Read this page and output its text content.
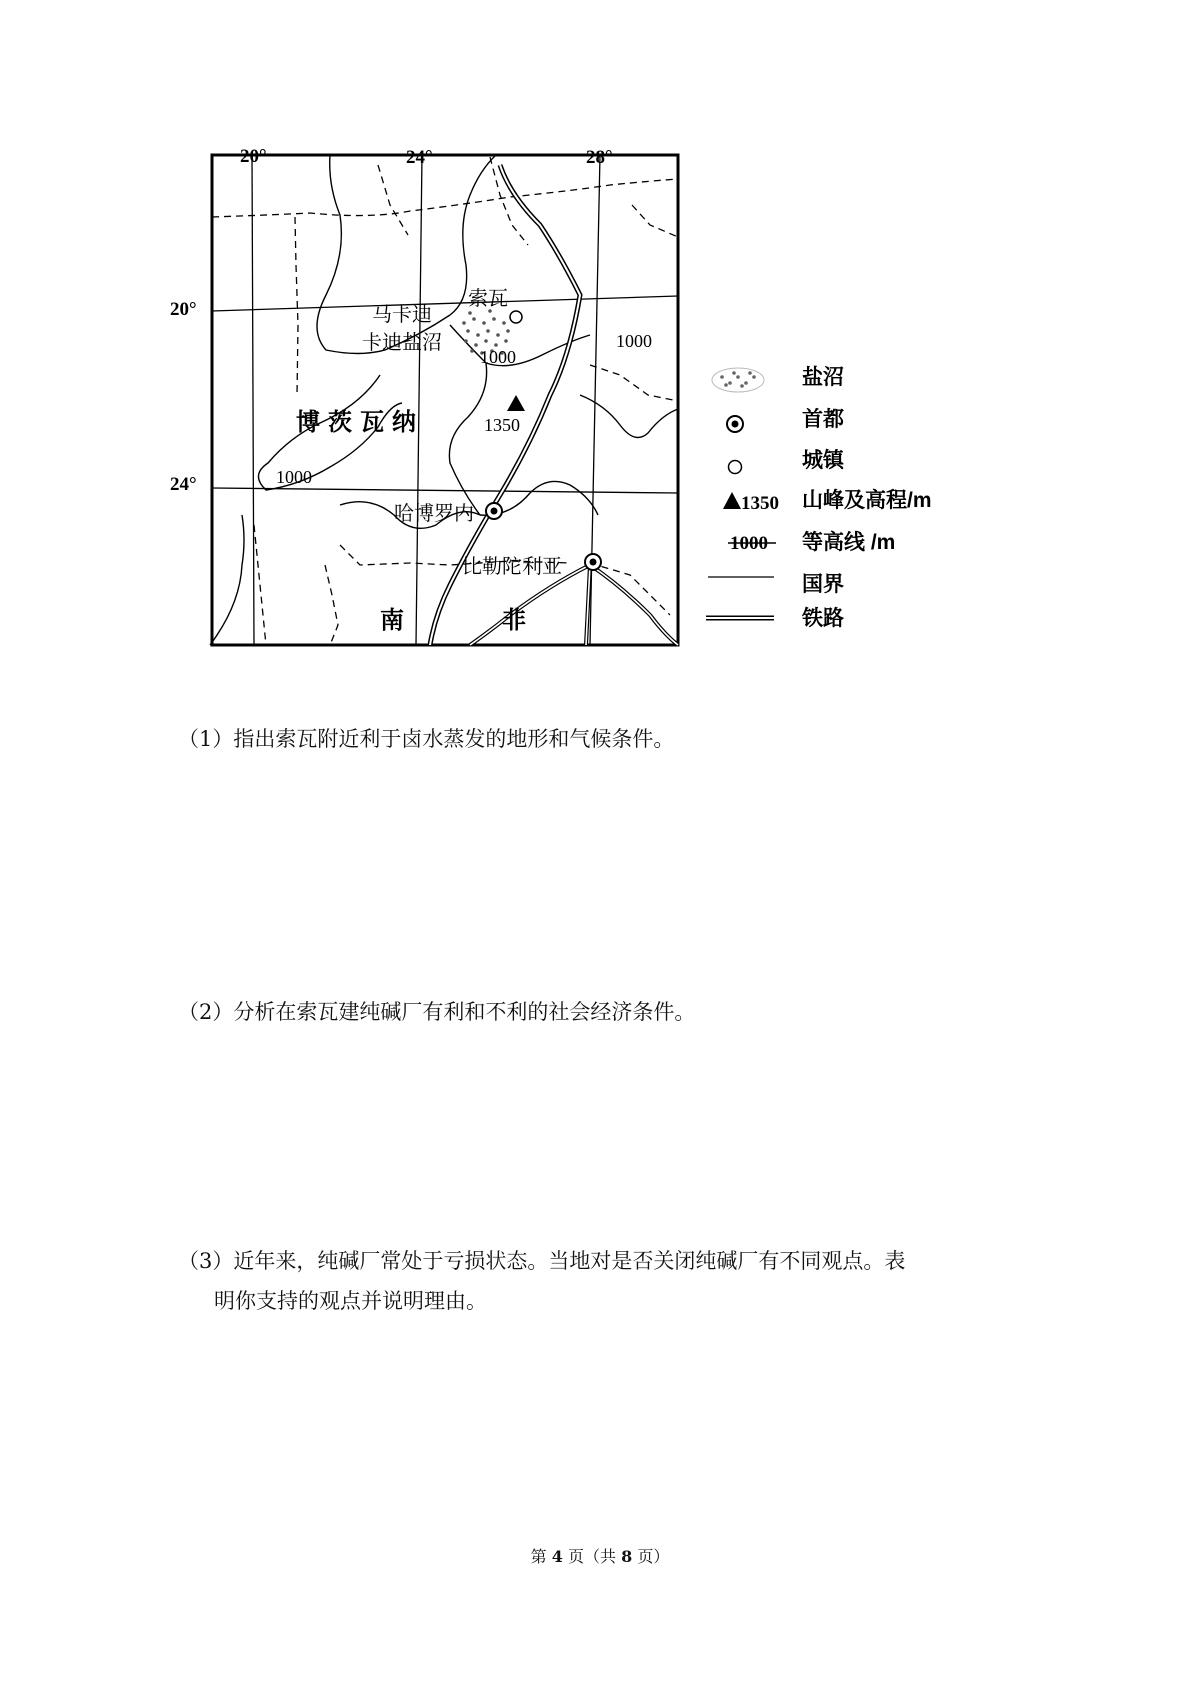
20°	24°	28°
20°
24°
马卡迪
卡迪盐沼
索瓦
哈博罗内
比勒陀利亚
博茨瓦纳
南	非
1000
1000
1000
1350
1350
1000
盐沼
首都
城镇
山峰及高程/m
等高线 /m
国界
铁路
（1）指出索瓦附近利于卤水蒸发的地形和气候条件。
（2）分析在索瓦建纯碱厂有利和不利的社会经济条件。
（3）近年来，纯碱厂常处于亏损状态。当地对是否关闭纯碱厂有不同观点。表
明你支持的观点并说明理由。
第 4 页（共 8 页）
